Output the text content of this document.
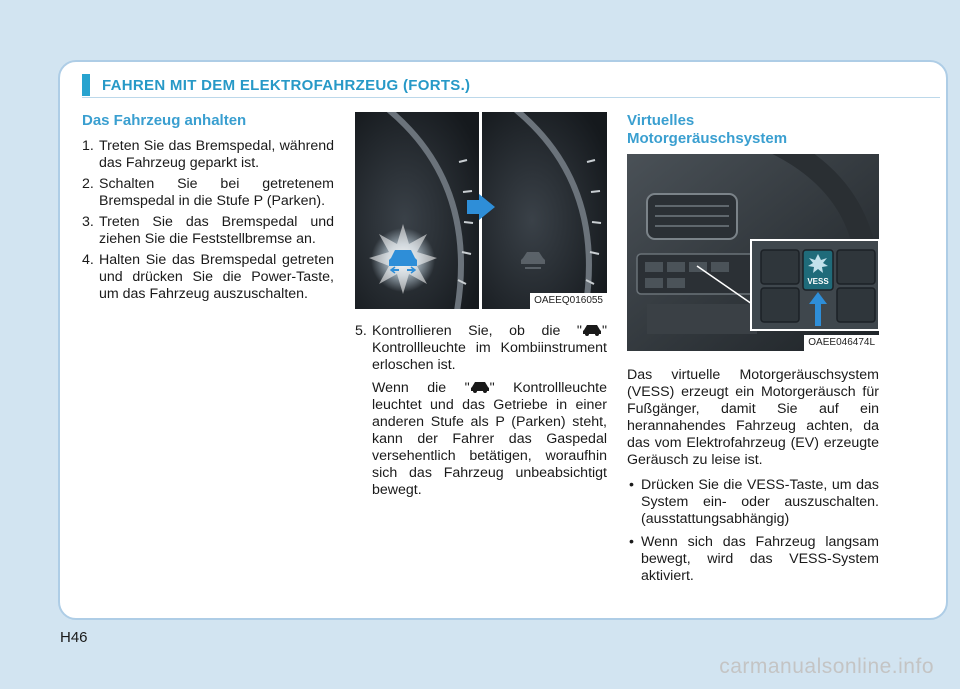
FAHREN MIT DEM ELEKTROFAHRZEUG (FORTS.)
Das Fahrzeug anhalten
1. Treten Sie das Bremspedal, während das Fahrzeug geparkt ist.
2. Schalten Sie bei getretenem Bremspedal in die Stufe P (Parken).
3. Treten Sie das Bremspedal und ziehen Sie die Feststellbremse an.
4. Halten Sie das Bremspedal getreten und drücken Sie die Power-Taste, um das Fahrzeug auszuschalten.	OAEEQ016055
5. Kontrollieren Sie, ob die " " Kontrollleuchte im Kombiinstrument erloschen ist.

Wenn die " " Kontrollleuchte leuchtet und das Getriebe in einer anderen Stufe als P (Parken) steht, kann der Fahrer das Gaspedal versehentlich betätigen, woraufhin sich das Fahrzeug unbeabsichtigt bewegt.

Virtuelles
Motorgeräuschsystem
VESS
OAEE046474L

Das virtuelle Motorgeräuschsystem (VESS) erzeugt ein Motorgeräusch für Fußgänger, damit Sie auf ein herannahendes Fahrzeug achten, da das vom Elektrofahrzeug (EV) erzeugte Geräusch zu leise ist.

• Drücken Sie die VESS-Taste, um das System ein- oder auszuschalten. (ausstattungsabhängig)
• Wenn sich das Fahrzeug langsam bewegt, wird das VESS-System aktiviert.
H46
carmanualsonline.info
